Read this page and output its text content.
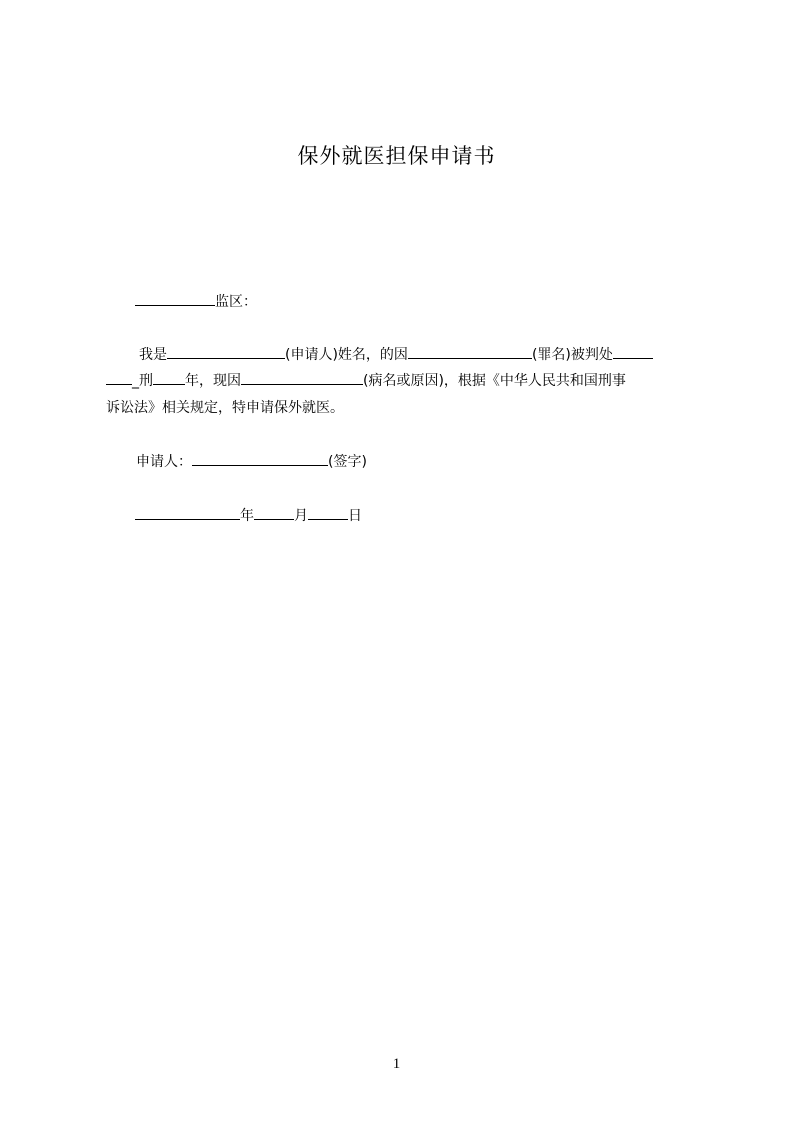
保外就医担保申请书
监区：
我是	(申请人)姓名，的因	(罪名)被判处
_刑 年，现因	(病名或原因)，根据《中华人民共和国刑事
诉讼法》相关规定，特申请保外就医。
申请人：	(签字)
年	月	日
1
